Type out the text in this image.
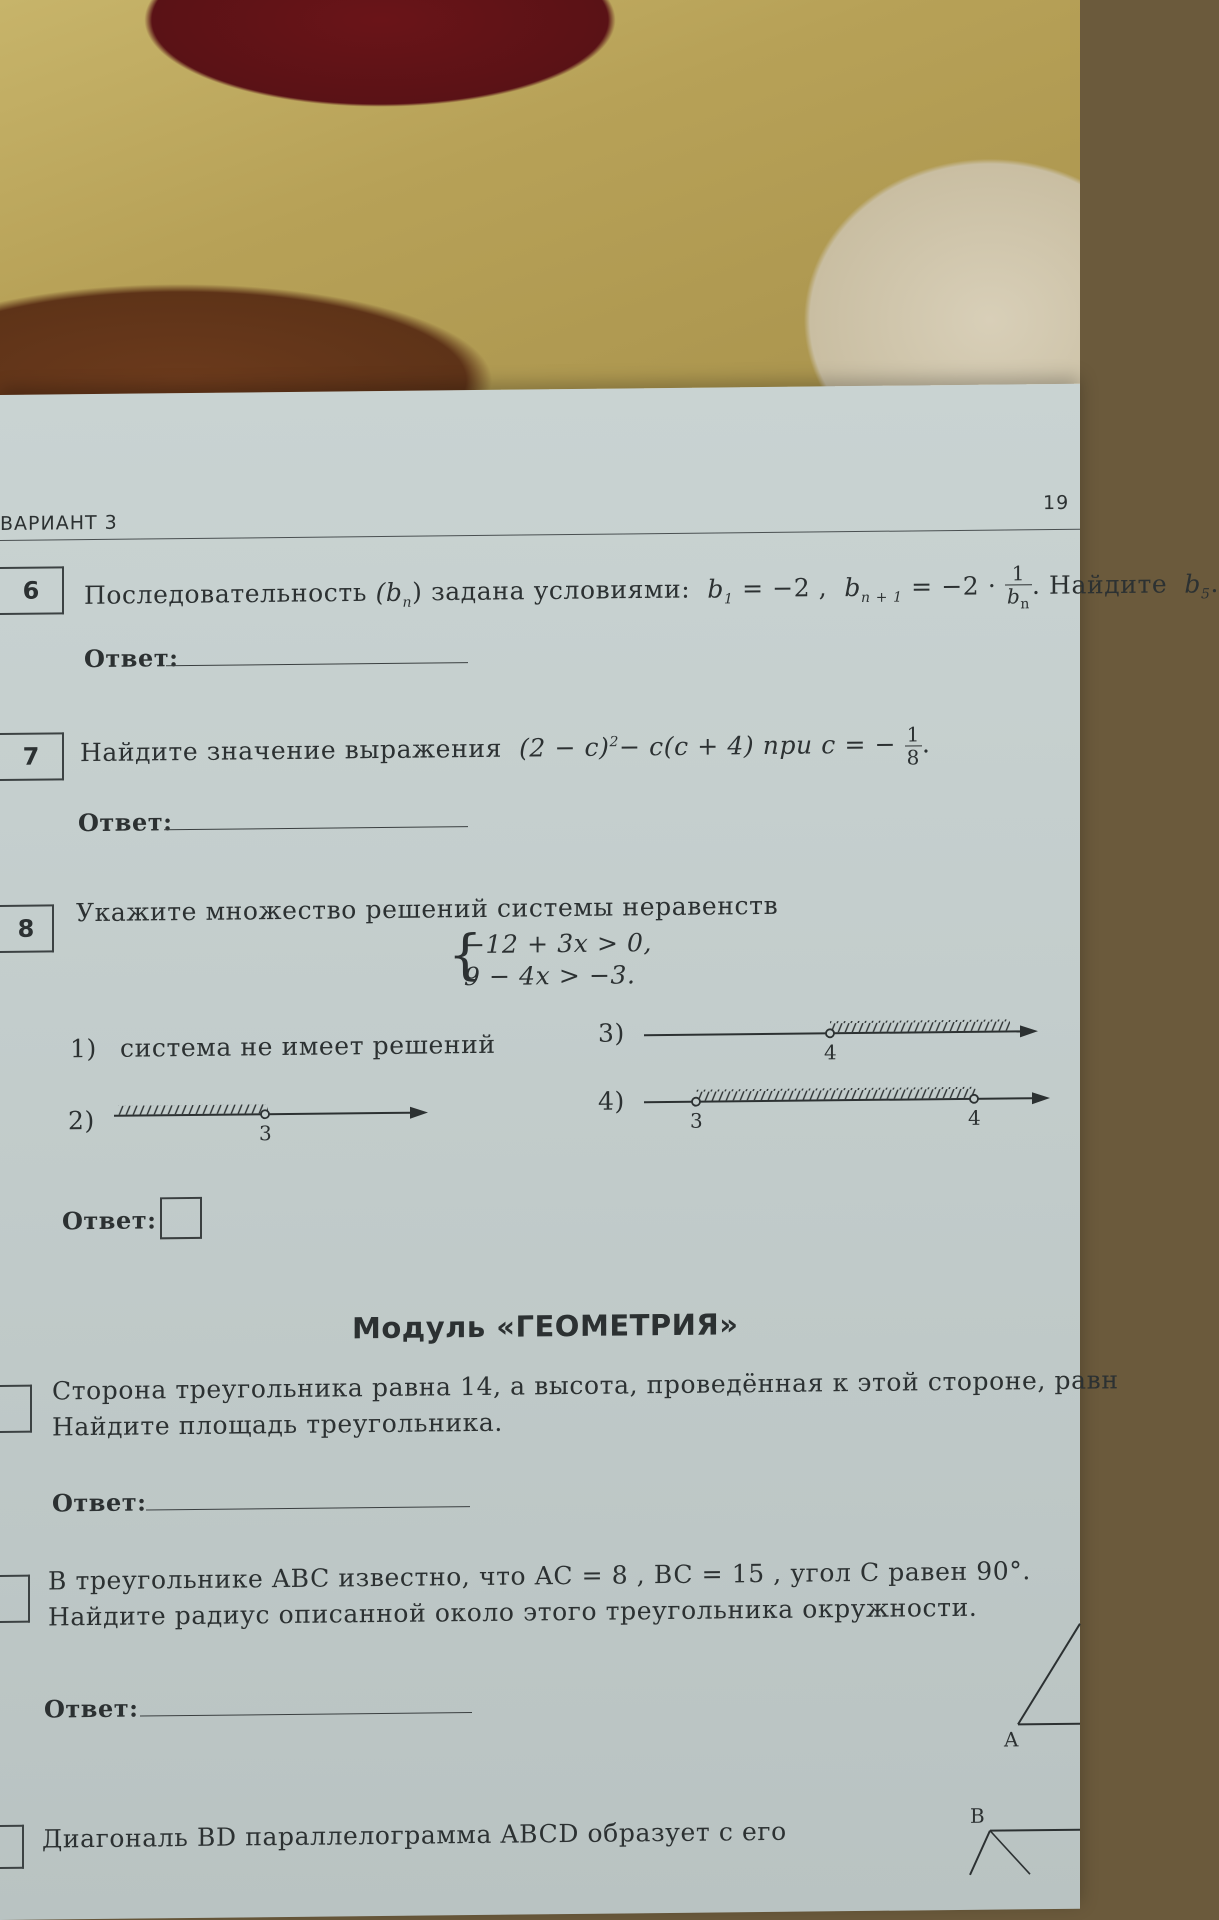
ВАРИАНТ 3
19
6 Последовательность $(b_n)$ задана условиями: $b_1 = -2$ , $b_{n + 1} = -2 \cdot \frac{1}{b_n}$ . Найдите $b_5$.
Ответ:
7 Найдите значение выражения $(2 - c)^2- c(c + 4)$ при c = − $\frac{1}{8}$ .
Ответ:
8
Укажите множество решений системы неравенств
{
−12 + 3x > 0,
9 − 4x > −3.
1) система не имеет решений	3)
4
2)	3
4)
3	4
Ответ:
Модуль «ГЕОМЕТРИЯ»
Сторона треугольника равна 14, а высота, проведённая к этой стороне, равн
Найдите площадь треугольника.
Ответ:
В треугольнике ABC известно, что AC = 8 , BC = 15 , угол C равен 90°.
Найдите радиус описанной около этого треугольника окружности.
Ответ:
A
Диагональ BD параллелограмма ABCD образует с его
B
